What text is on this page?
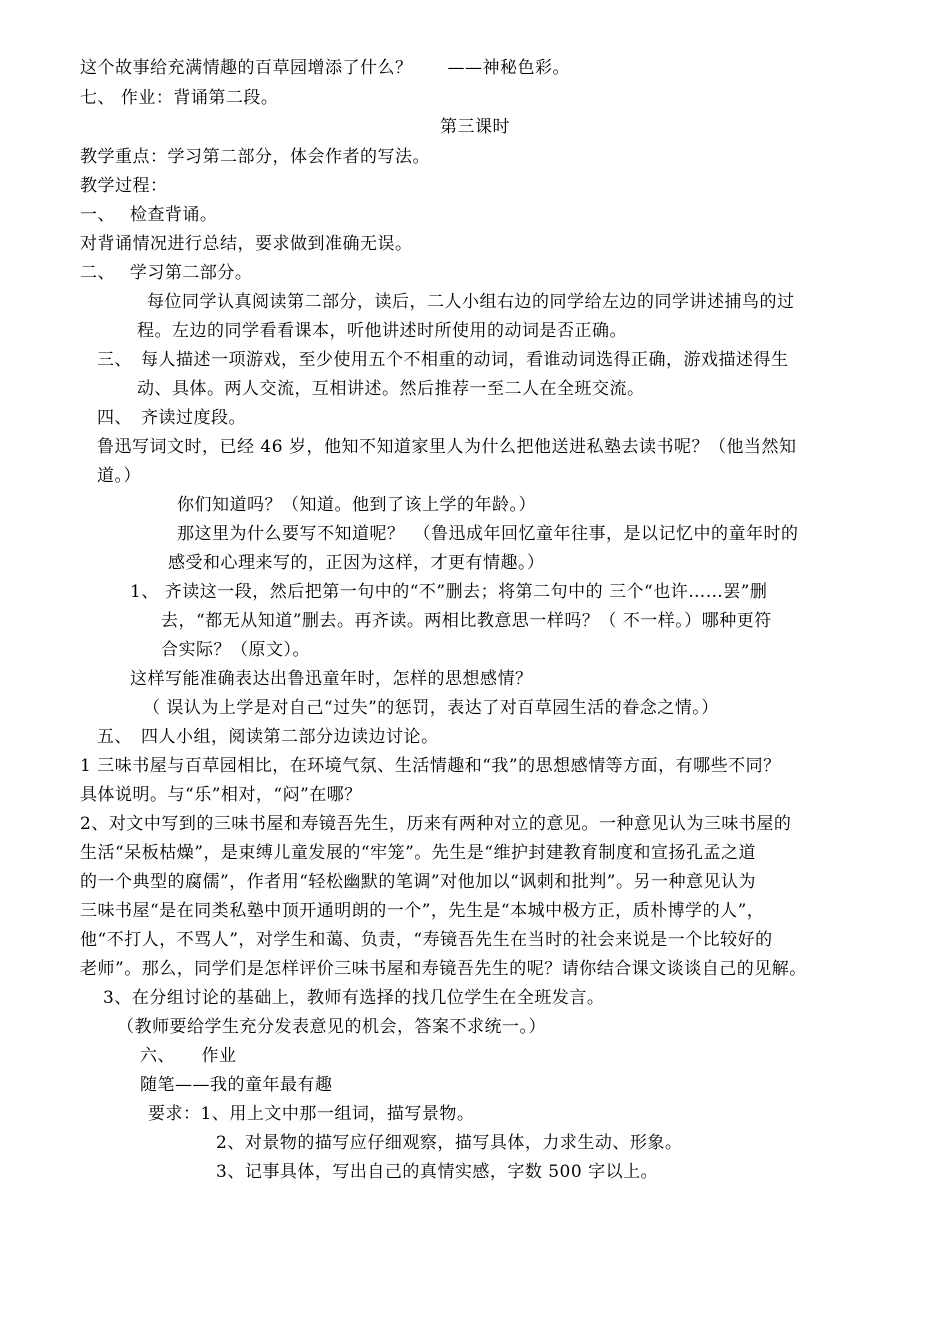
这个故事给充满情趣的百草园增添了什么？　　——神秘色彩。
七、 作业：背诵第二段。
第三课时
教学重点：学习第二部分，体会作者的写法。
教学过程：
一、　 检查背诵。
对背诵情况进行总结，要求做到准确无误。
二、　 学习第二部分。
每位同学认真阅读第二部分，读后，二人小组右边的同学给左边的同学讲述捕鸟的过
程。左边的同学看看课本，听他讲述时所使用的动词是否正确。
三、　每人描述一项游戏，至少使用五个不相重的动词，看谁动词选得正确，游戏描述得生
动、具体。两人交流，互相讲述。然后推荐一至二人在全班交流。
四、　齐读过度段。
鲁迅写词文时，已经 46 岁，他知不知道家里人为什么把他送进私塾去读书呢？（他当然知
道。）
你们知道吗？（知道。他到了该上学的年龄。）
那这里为什么要写不知道呢？　（鲁迅成年回忆童年往事，是以记忆中的童年时的
感受和心理来写的，正因为这样，才更有情趣。）
1、 齐读这一段，然后把第一句中的“不”删去；将第二句中的 三个“也许……罢”删
去，“都无从知道”删去。再齐读。两相比教意思一样吗？（ 不一样。）哪种更符
合实际？（原文）。
这样写能准确表达出鲁迅童年时，怎样的思想感情？
（ 误认为上学是对自己“过失”的惩罚，表达了对百草园生活的眷念之情。）
五、　四人小组，阅读第二部分边读边讨论。
1 三味书屋与百草园相比，在环境气氛、生活情趣和“我”的思想感情等方面，有哪些不同？
具体说明。与“乐”相对，“闷”在哪？
2、对文中写到的三味书屋和寿镜吾先生，历来有两种对立的意见。一种意见认为三味书屋的
生活“呆板枯燥”，是束缚儿童发展的“牢笼”。先生是“维护封建教育制度和宣扬孔孟之道
的一个典型的腐儒”，作者用“轻松幽默的笔调”对他加以“讽刺和批判”。另一种意见认为
三味书屋“是在同类私塾中顶开通明朗的一个”，先生是“本城中极方正，质朴博学的人”，
他“不打人，不骂人”，对学生和蔼、负责，“寿镜吾先生在当时的社会来说是一个比较好的
老师”。那么，同学们是怎样评价三味书屋和寿镜吾先生的呢？请你结合课文谈谈自己的见解。
3、在分组讨论的基础上，教师有选择的找几位学生在全班发言。
（教师要给学生充分发表意见的机会，答案不求统一。）
六、　　作业
随笔——我的童年最有趣
要求：1、用上文中那一组词，描写景物。
2、对景物的描写应仔细观察，描写具体，力求生动、形象。
3、记事具体，写出自己的真情实感，字数 500 字以上。
